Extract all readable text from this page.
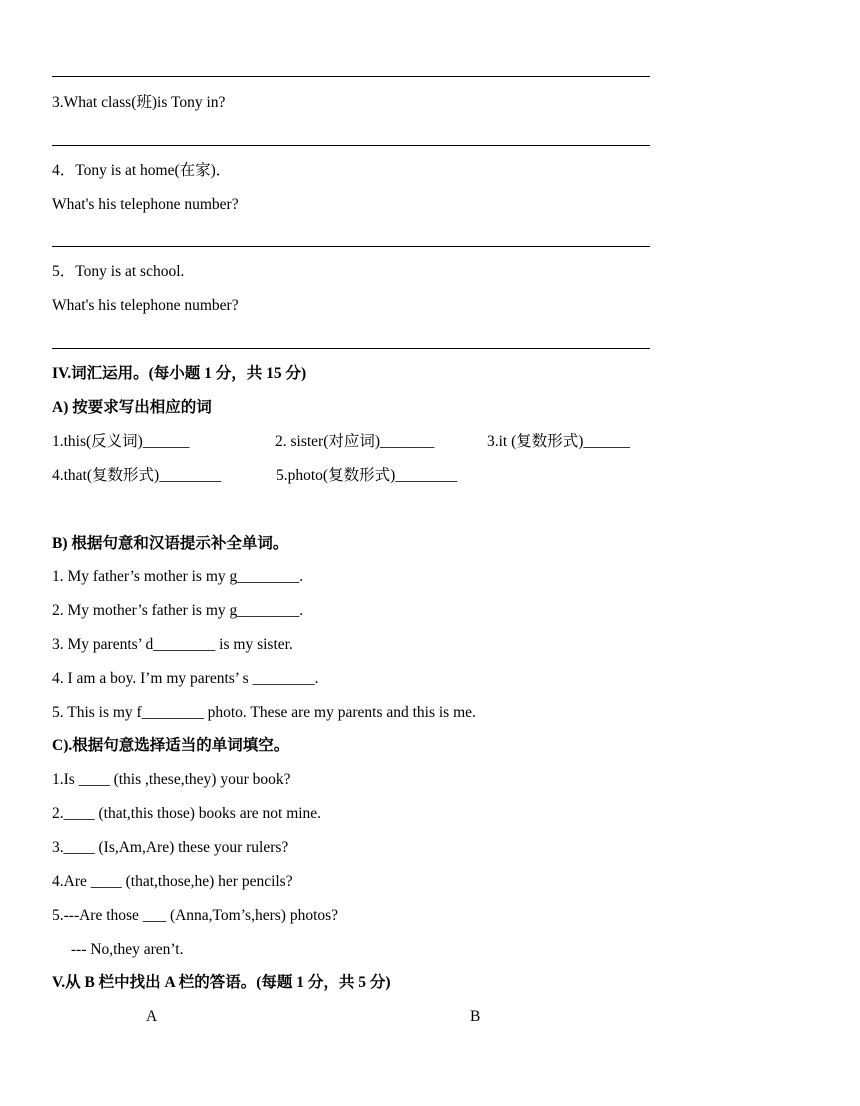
3.What class(班)is Tony in?
4．Tony is at home(在家)．
What's his telephone number?
5．Tony is at school.
What's his telephone number?
IV.词汇运用。(每小题 1 分，共 15 分)
A) 按要求写出相应的词
1.this(反义词)______	2. sister(对应词)_______	3.it (复数形式)______
4.that(复数形式)________	5.photo(复数形式)________
B) 根据句意和汉语提示补全单词。
1. My father’s mother is my g________.
2. My mother’s father is my g________.
3. My parents’ d________ is my sister.
4. I am a boy. I’m my parents’ s ________.
5. This is my f________ photo. These are my parents and this is me.
C).根据句意选择适当的单词填空。
1.Is ____ (this ,these,they) your book?
2.____ (that,this those) books are not mine.
3.____ (Is,Am,Are) these your rulers?
4.Are ____ (that,those,he) her pencils?
5.---Are those ___ (Anna,Tom’s,hers) photos?
--- No,they aren’t.
V.从 B 栏中找出 A 栏的答语。(每题 1 分，共 5 分)
A	B
